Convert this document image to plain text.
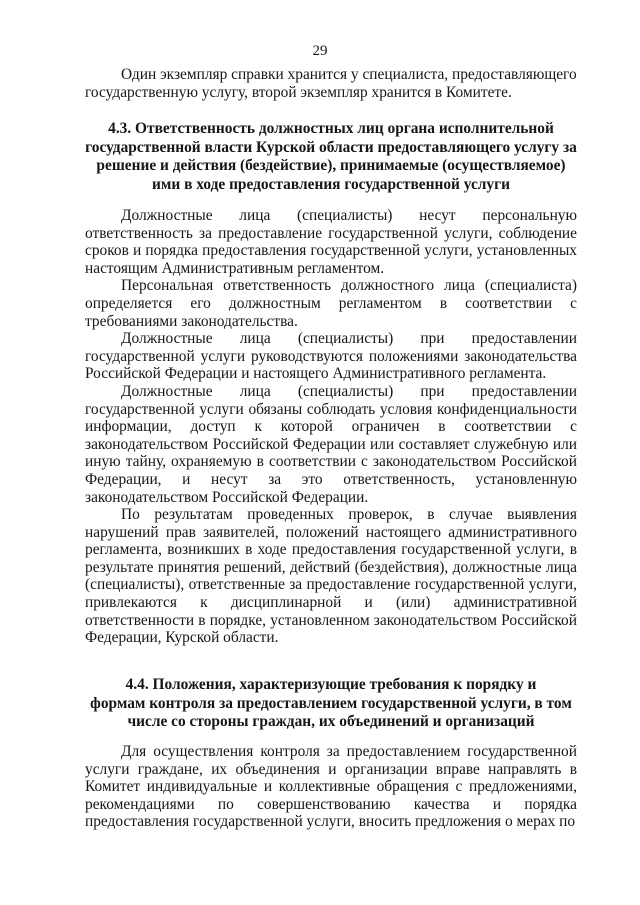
29

Один экземпляр справки хранится у специалиста, предоставляющего
государственную услугу, второй экземпляр хранится в Комитете.

4.3. Ответственность должностных лиц органа исполнительной
государственной власти Курской области предоставляющего услугу за
решение и действия (бездействие), принимаемые (осуществляемое)
ими в ходе предоставления государственной услуги

Должностные лица (специалисты) несут персональную ответственность за предоставление государственной услуги, соблюдение сроков и порядка предоставления государственной услуги, установленных настоящим Административным регламентом.

Персональная ответственность должностного лица (специалиста) определяется его должностным регламентом в соответствии с требованиями законодательства.

Должностные лица (специалисты) при предоставлении государственной услуги руководствуются положениями законодательства Российской Федерации и настоящего Административного регламента.

Должностные лица (специалисты) при предоставлении государственной услуги обязаны соблюдать условия конфиденциальности информации, доступ к которой ограничен в соответствии с законодательством Российской Федерации или составляет служебную или иную тайну, охраняемую в соответствии с законодательством Российской Федерации, и несут за это ответственность, установленную законодательством Российской Федерации.

По результатам проведенных проверок, в случае выявления нарушений прав заявителей, положений настоящего административного регламента, возникших в ходе предоставления государственной услуги, в результате принятия решений, действий (бездействия), должностные лица (специалисты), ответственные за предоставление государственной услуги, привлекаются к дисциплинарной и (или) административной ответственности в порядке, установленном законодательством Российской Федерации, Курской области.

4.4. Положения, характеризующие требования к порядку и
формам контроля за предоставлением государственной услуги, в том
числе со стороны граждан, их объединений и организаций

Для осуществления контроля за предоставлением государственной услуги граждане, их объединения и организации вправе направлять в Комитет индивидуальные и коллективные обращения с предложениями, рекомендациями по совершенствованию качества и порядка предоставления государственной услуги, вносить предложения о мерах по
